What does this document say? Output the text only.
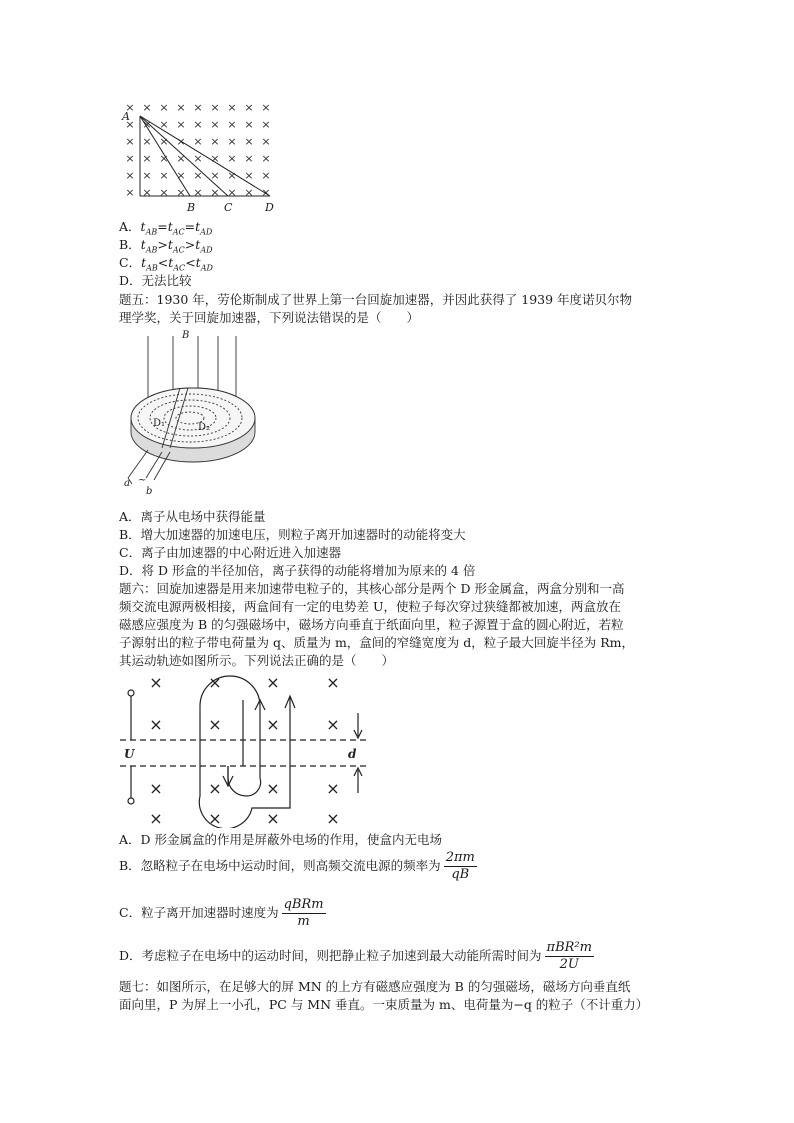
× × × × × × × × ×
× × × × × × × × ×
× × × × × × × × ×
× × × × × × × × ×
× × × × × × × × ×
× × × × × × × × ×
A
B	C	D
A．$t_{AB}=t_{AC}=t_{AD}$
B．$t_{AB}>t_{AC}>t_{AD}$
C．$t_{AB}<t_{AC}<t_{AD}$
D．无法比较
题五：1930 年，劳伦斯制成了世界上第一台回旋加速器，并因此获得了 1939 年度诺贝尔物
理学奖，关于回旋加速器，下列说法错误的是（　　）
B
D₁	D₂
a ~
b
A．离子从电场中获得能量
B．增大加速器的加速电压，则粒子离开加速器时的动能将变大
C．离子由加速器的中心附近进入加速器
D．将 D 形盒的半径加倍，离子获得的动能将增加为原来的 4 倍
题六：回旋加速器是用来加速带电粒子的，其核心部分是两个 D 形金属盒，两盒分别和一高
频交流电源两极相接，两盒间有一定的电势差 U，使粒子每次穿过狭缝都被加速，两盒放在
磁感应强度为 B 的匀强磁场中，磁场方向垂直于纸面向里，粒子源置于盒的圆心附近，若粒
子源射出的粒子带电荷量为 q、质量为 m，盒间的窄缝宽度为 d，粒子最大回旋半径为 Rm，
其运动轨迹如图所示。下列说法正确的是（　　）
×	×	×	×
×	×	×	×
×	×	×	×
×	×	×	×
U	d
A．D 形金属盒的作用是屏蔽外电场的作用，使盒内无电场
B．忽略粒子在电场中运动时间，则高频交流电源的频率为 $\frac{2\pi m}{qB}$
C．粒子离开加速器时速度为 $\frac{\text{qBRm}}{m}$
D．考虑粒子在电场中的运动时间，则把静止粒子加速到最大动能所需时间为 $\frac{\text{πBR²m}}{2U}$
题七：如图所示，在足够大的屏 MN 的上方有磁感应强度为 B 的匀强磁场，磁场方向垂直纸
面向里，P 为屏上一小孔，PC 与 MN 垂直。一束质量为 m、电荷量为−q 的粒子（不计重力）
